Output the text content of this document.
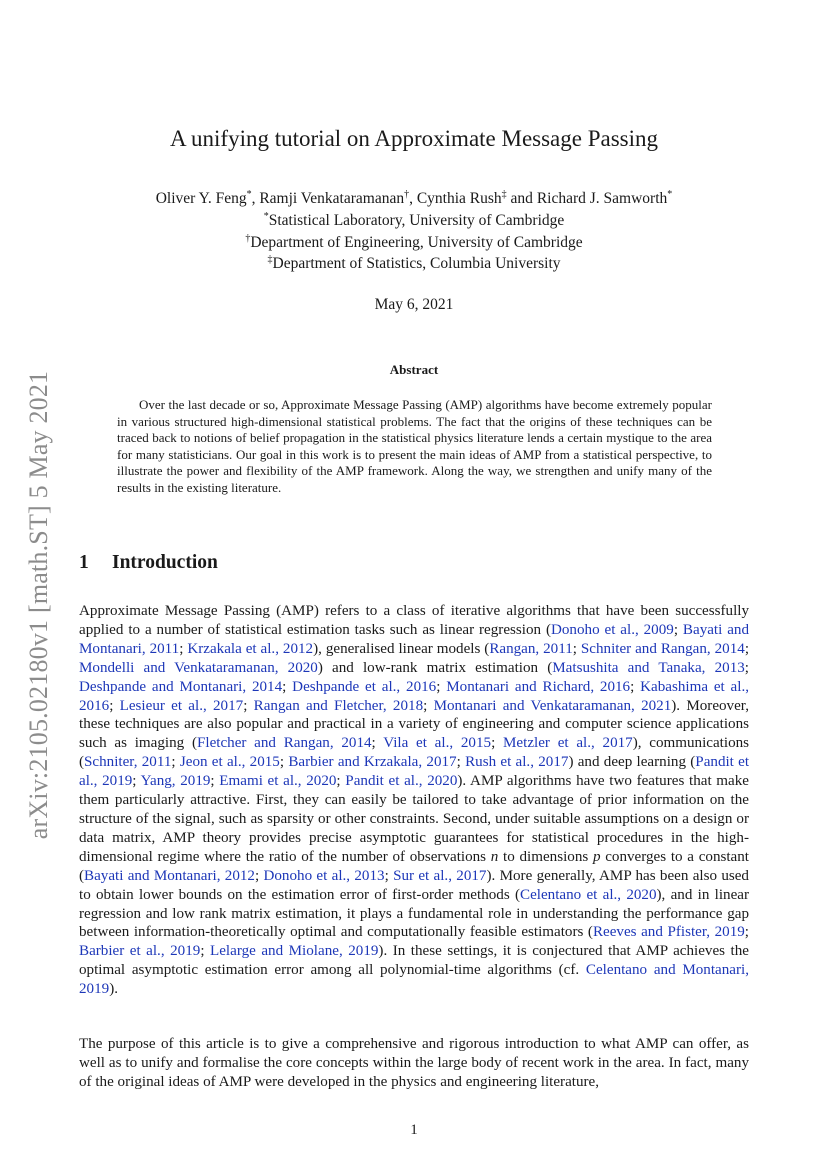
arXiv:2105.02180v1 [math.ST] 5 May 2021
A unifying tutorial on Approximate Message Passing
Oliver Y. Feng*, Ramji Venkataramanan†, Cynthia Rush‡ and Richard J. Samworth*
*Statistical Laboratory, University of Cambridge
†Department of Engineering, University of Cambridge
‡Department of Statistics, Columbia University
May 6, 2021
Abstract
Over the last decade or so, Approximate Message Passing (AMP) algorithms have become extremely popular in various structured high-dimensional statistical problems. The fact that the origins of these techniques can be traced back to notions of belief propagation in the statistical physics literature lends a certain mystique to the area for many statisticians. Our goal in this work is to present the main ideas of AMP from a statistical perspective, to illustrate the power and flexibility of the AMP framework. Along the way, we strengthen and unify many of the results in the existing literature.
1 Introduction
Approximate Message Passing (AMP) refers to a class of iterative algorithms that have been successfully applied to a number of statistical estimation tasks such as linear regression (Donoho et al., 2009; Bayati and Montanari, 2011; Krzakala et al., 2012), generalised linear models (Rangan, 2011; Schniter and Rangan, 2014; Mondelli and Venkataramanan, 2020) and low-rank matrix estimation (Matsushita and Tanaka, 2013; Deshpande and Montanari, 2014; Deshpande et al., 2016; Montanari and Richard, 2016; Kabashima et al., 2016; Lesieur et al., 2017; Rangan and Fletcher, 2018; Montanari and Venkataramanan, 2021). Moreover, these techniques are also popular and practical in a variety of engineering and computer science applications such as imaging (Fletcher and Rangan, 2014; Vila et al., 2015; Metzler et al., 2017), communications (Schniter, 2011; Jeon et al., 2015; Barbier and Krzakala, 2017; Rush et al., 2017) and deep learning (Pandit et al., 2019; Yang, 2019; Emami et al., 2020; Pandit et al., 2020). AMP algorithms have two features that make them particularly attractive. First, they can easily be tailored to take advantage of prior information on the structure of the signal, such as sparsity or other constraints. Second, under suitable assumptions on a design or data matrix, AMP theory provides precise asymptotic guarantees for statistical procedures in the high-dimensional regime where the ratio of the number of observations n to dimensions p converges to a constant (Bayati and Montanari, 2012; Donoho et al., 2013; Sur et al., 2017). More generally, AMP has been also used to obtain lower bounds on the estimation error of first-order methods (Celentano et al., 2020), and in linear regression and low rank matrix estimation, it plays a fundamental role in understanding the performance gap between information-theoretically optimal and computationally feasible estimators (Reeves and Pfister, 2019; Barbier et al., 2019; Lelarge and Miolane, 2019). In these settings, it is conjectured that AMP achieves the optimal asymptotic estimation error among all polynomial-time algorithms (cf. Celentano and Montanari, 2019).
The purpose of this article is to give a comprehensive and rigorous introduction to what AMP can offer, as well as to unify and formalise the core concepts within the large body of recent work in the area. In fact, many of the original ideas of AMP were developed in the physics and engineering literature,
1
